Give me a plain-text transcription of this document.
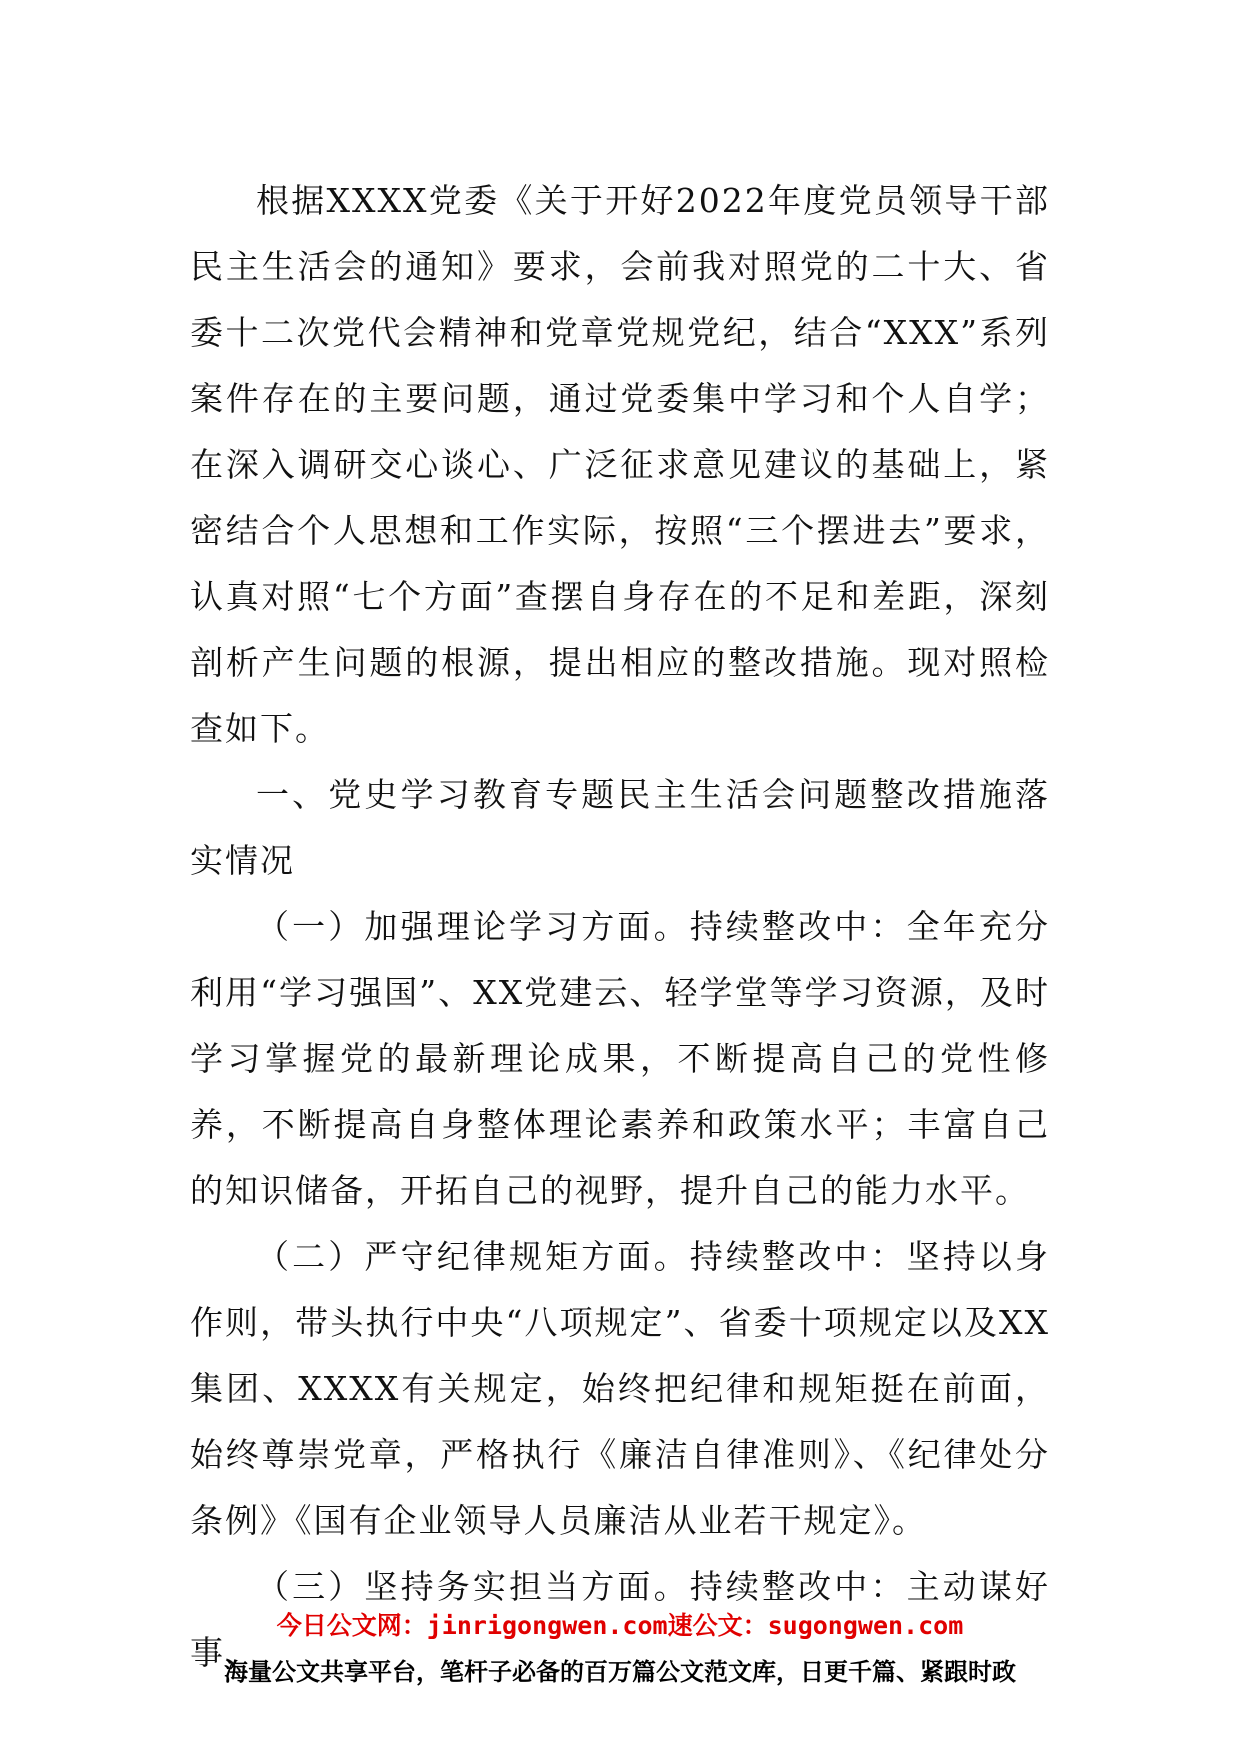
根据XXXX党委《关于开好2022年度党员领导干部民主生活会的通知》要求，会前我对照党的二十大、省委十二次党代会精神和党章党规党纪，结合“XXX”系列案件存在的主要问题，通过党委集中学习和个人自学；在深入调研交心谈心、广泛征求意见建议的基础上，紧密结合个人思想和工作实际，按照“三个摆进去”要求，认真对照“七个方面”查摆自身存在的不足和差距，深刻剖析产生问题的根源，提出相应的整改措施。现对照检查如下。

一、党史学习教育专题民主生活会问题整改措施落实情况

（一）加强理论学习方面。持续整改中：全年充分利用“学习强国”、XX党建云、轻学堂等学习资源，及时学习掌握党的最新理论成果，不断提高自己的党性修养，不断提高自身整体理论素养和政策水平；丰富自己的知识储备，开拓自己的视野，提升自己的能力水平。

（二）严守纪律规矩方面。持续整改中：坚持以身作则，带头执行中央“八项规定”、省委十项规定以及XX集团、XXXX有关规定，始终把纪律和规矩挺在前面，始终尊崇党章，严格执行《廉洁自律准则》、《纪律处分条例》《国有企业领导人员廉洁从业若干规定》。

（三）坚持务实担当方面。持续整改中：主动谋好事、

今日公文网：jinrigongwen.com速公文：sugongwen.com
海量公文共享平台，笔杆子必备的百万篇公文范文库，日更千篇、紧跟时政
